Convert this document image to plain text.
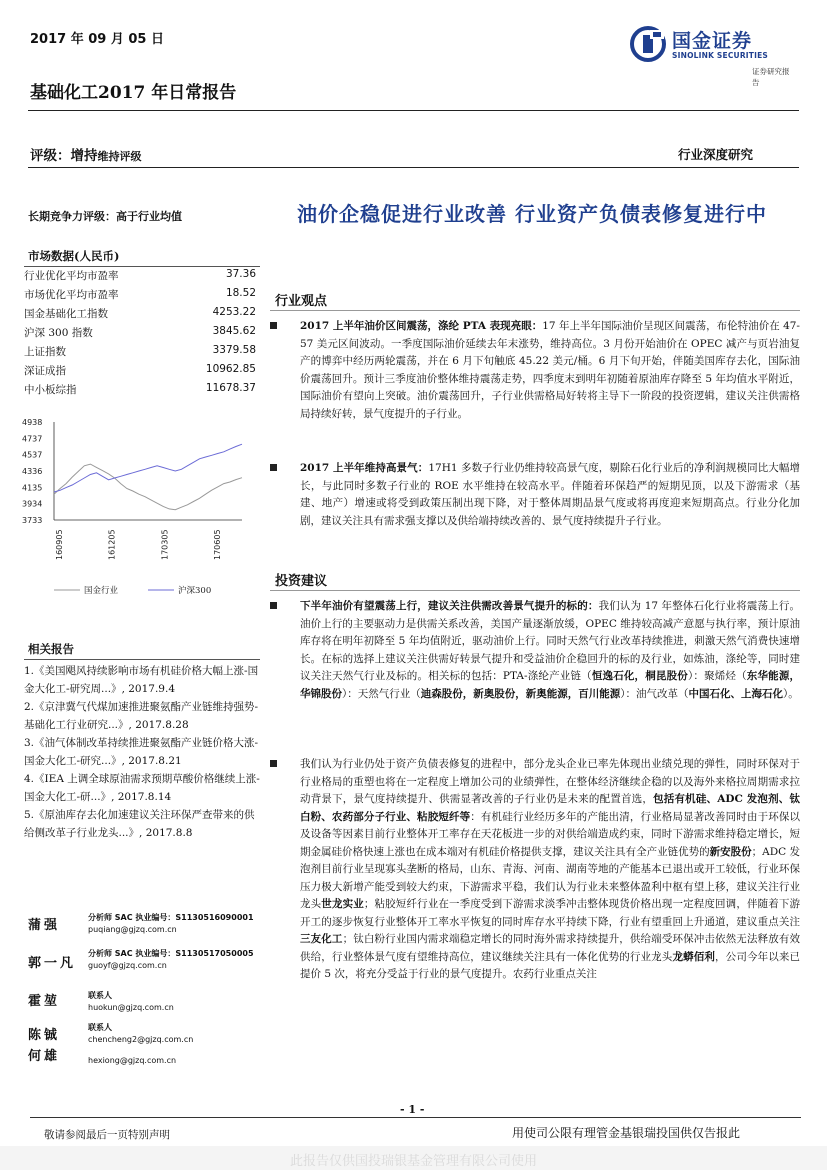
2017 年 09 月 05 日	国金证券
SINOLINK SECURITIES
证券研究报告
基础化工2017 年日常报告
评级：增持维持评级	行业深度研究
长期竞争力评级：高于行业均值
市场数据(人民币)
行业优化平均市盈率	37.36
市场优化平均市盈率	18.52
国金基础化工指数	4253.22
沪深 300 指数	3845.62
上证指数	3379.58
深证成指	10962.85
中小板综指	11678.37
4938
4737
4537
4336
4135
3934
3733
160905	161205	170305	170605
国金行业	沪深300
相关报告
1.《美国飓风持续影响市场有机硅价格大幅上涨-国金大化工-研究周...》, 2017.9.4
2.《京津冀气代煤加速推进聚氨酯产业链维持强势-基础化工行业研究...》, 2017.8.28
3.《油气体制改革持续推进聚氨酯产业链价格大涨-国金大化工-研究...》, 2017.8.21
4.《IEA 上调全球原油需求预期草酸价格继续上涨-国金大化工-研...》, 2017.8.14
5.《原油库存去化加速建议关注环保严查带来的供给侧改革子行业龙头...》, 2017.8.8
蒲强
分析师 SAC 执业编号：S1130516090001
puqiang@gjzq.com.cn
郭一凡
分析师 SAC 执业编号：S1130517050005
guoyf@gjzq.com.cn
霍堃	联系人
huokun@gjzq.com.cn
陈铖
联系人
chencheng2@gjzq.com.cn
何雄	hexiong@gjzq.com.cn
油价企稳促进行业改善 行业资产负债表修复进行中
行业观点
2017 上半年油价区间震荡，涤纶 PTA 表现亮眼：17 年上半年国际油价呈现区间震荡，布伦特油价在 47-57 美元区间波动。一季度国际油价延续去年末涨势，维持高位。3 月份开始油价在 OPEC 减产与页岩油复产的博弈中经历两轮震荡，并在 6 月下旬触底 45.22 美元/桶。6 月下旬开始，伴随美国库存去化，国际油价震荡回升。预计三季度油价整体维持震荡走势，四季度末到明年初随着原油库存降至 5 年均值水平附近，国际油价有望向上突破。油价震荡回升，子行业供需格局好转将主导下一阶段的投资逻辑，建议关注供需格局持续好转，景气度提升的子行业。
2017 上半年维持高景气：17H1 多数子行业仍维持较高景气度，剔除石化行业后的净利润规模同比大幅增长，与此同时多数子行业的 ROE 水平维持在较高水平。伴随着环保趋严的短期见顶，以及下游需求（基建、地产）增速或将受到政策压制出现下降，对于整体周期品景气度或将再度迎来短期高点。行业分化加剧，建议关注具有需求强支撑以及供给端持续改善的、景气度持续提升子行业。
投资建议
下半年油价有望震荡上行，建议关注供需改善景气提升的标的：我们认为 17 年整体石化行业将震荡上行。油价上行的主要驱动力是供需关系改善，美国产量逐渐放缓，OPEC 维持较高减产意愿与执行率，预计原油库存将在明年初降至 5 年均值附近，驱动油价上行。同时天然气行业改革持续推进，刺激天然气消费快速增长。在标的选择上建议关注供需好转景气提升和受益油价企稳回升的标的及行业，如炼油，涤纶等，同时建议关注天然气行业及标的。相关标的包括：PTA-涤纶产业链（恒逸石化，桐昆股份）：聚烯烃（东华能源，华锦股份）：天然气行业（迪森股份，新奥股份，新奥能源，百川能源）：油气改革（中国石化、上海石化）。
我们认为行业仍处于资产负债表修复的进程中，部分龙头企业已率先体现出业绩兑现的弹性，同时环保对于行业格局的重塑也将在一定程度上增加公司的业绩弹性，在整体经济继续企稳的以及海外来格拉周期需求拉动背景下，景气度持续提升、供需显著改善的子行业仍是未来的配置首选，包括有机硅、ADC 发泡剂、钛白粉、农药部分子行业、粘胶短纤等：有机硅行业经历多年的产能出清，行业格局显著改善同时由于环保以及设备等因素目前行业整体开工率存在天花板进一步的对供给端造成约束，同时下游需求维持稳定增长，短期金属硅价格快速上涨也在成本端对有机硅价格提供支撑，建议关注具有全产业链优势的新安股份；ADC 发泡剂目前行业呈现寡头垄断的格局，山东、青海、河南、湖南等地的产能基本已退出或开工较低，行业环保压力极大新增产能受到较大约束，下游需求平稳，我们认为行业未来整体盈利中枢有望上移，建议关注行业龙头世龙实业；粘胶短纤行业在一季度受到下游需求淡季冲击整体现货价格出现一定程度回调，伴随着下游开工的逐步恢复行业整体开工率水平恢复的同时库存水平持续下降，行业有望重回上升通道，建议重点关注三友化工；钛白粉行业国内需求端稳定增长的同时海外需求持续提升，供给端受环保冲击依然无法释放有效供给，行业整体景气度有望维持高位，建议继续关注具有一体化优势的行业龙头龙蟒佰利，公司今年以来已提价 5 次，将充分受益于行业的景气度提升。农药行业重点关注
- 1 -
敬请参阅最后一页特别声明	用使司公限有理管金基银瑞投国供仅告报此
此报告仅供国投瑞银基金管理有限公司使用
